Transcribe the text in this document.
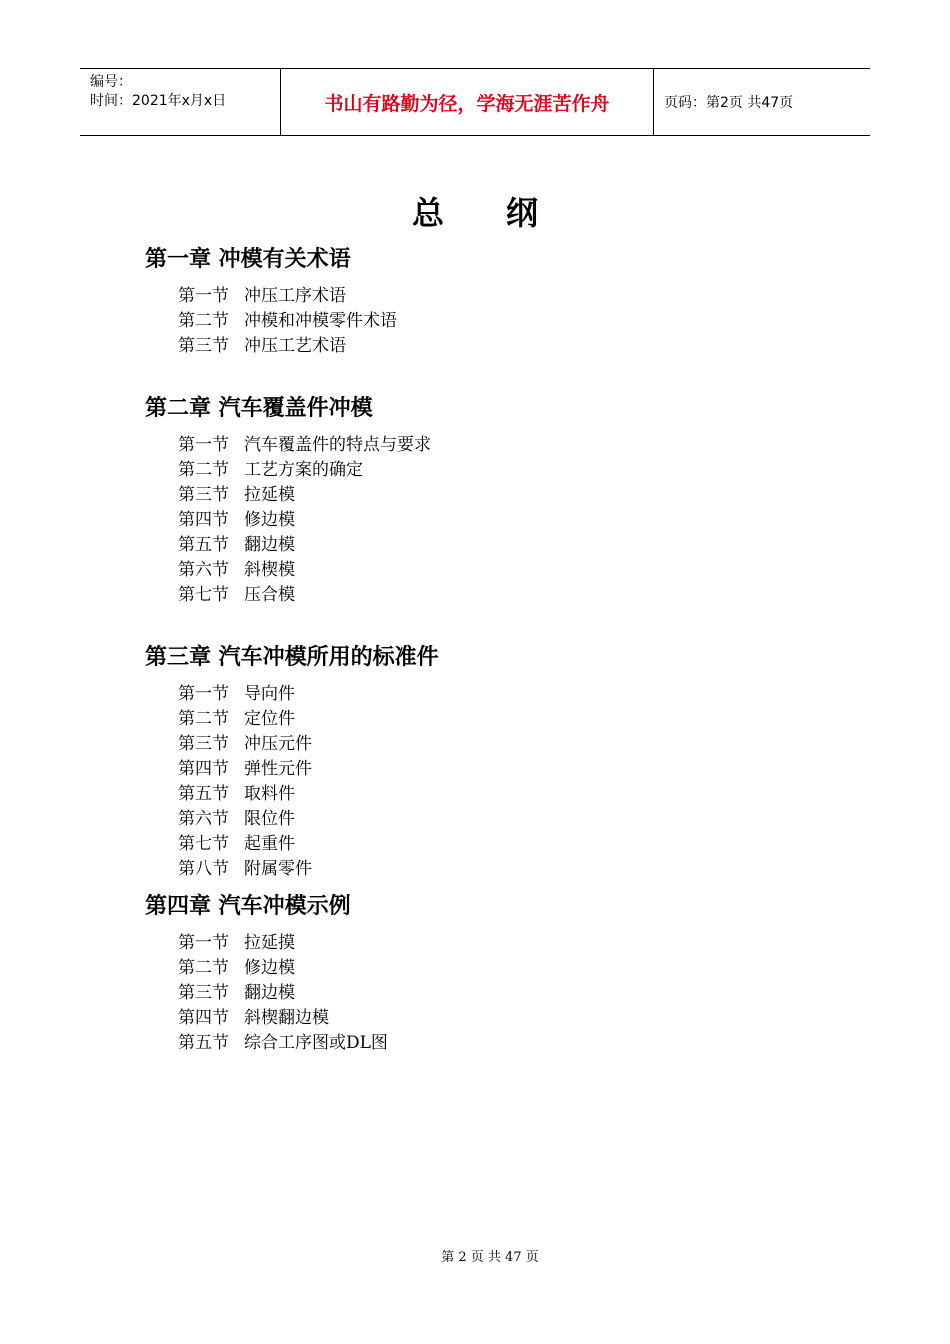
编号：
时间：2021年x月x日	书山有路勤为径，学海无涯苦作舟	页码：第2页 共47页
总纲
第一章 冲模有关术语
第一节 冲压工序术语
第二节 冲模和冲模零件术语
第三节 冲压工艺术语
第二章 汽车覆盖件冲模
第一节 汽车覆盖件的特点与要求
第二节 工艺方案的确定
第三节 拉延模
第四节 修边模
第五节 翻边模
第六节 斜楔模
第七节 压合模
第三章 汽车冲模所用的标准件
第一节 导向件
第二节 定位件
第三节 冲压元件
第四节 弹性元件
第五节 取料件
第六节 限位件
第七节 起重件
第八节 附属零件
第四章 汽车冲模示例
第一节 拉延摸
第二节 修边模
第三节 翻边模
第四节 斜楔翻边模
第五节 综合工序图或DL图
第 2 页 共 47 页
